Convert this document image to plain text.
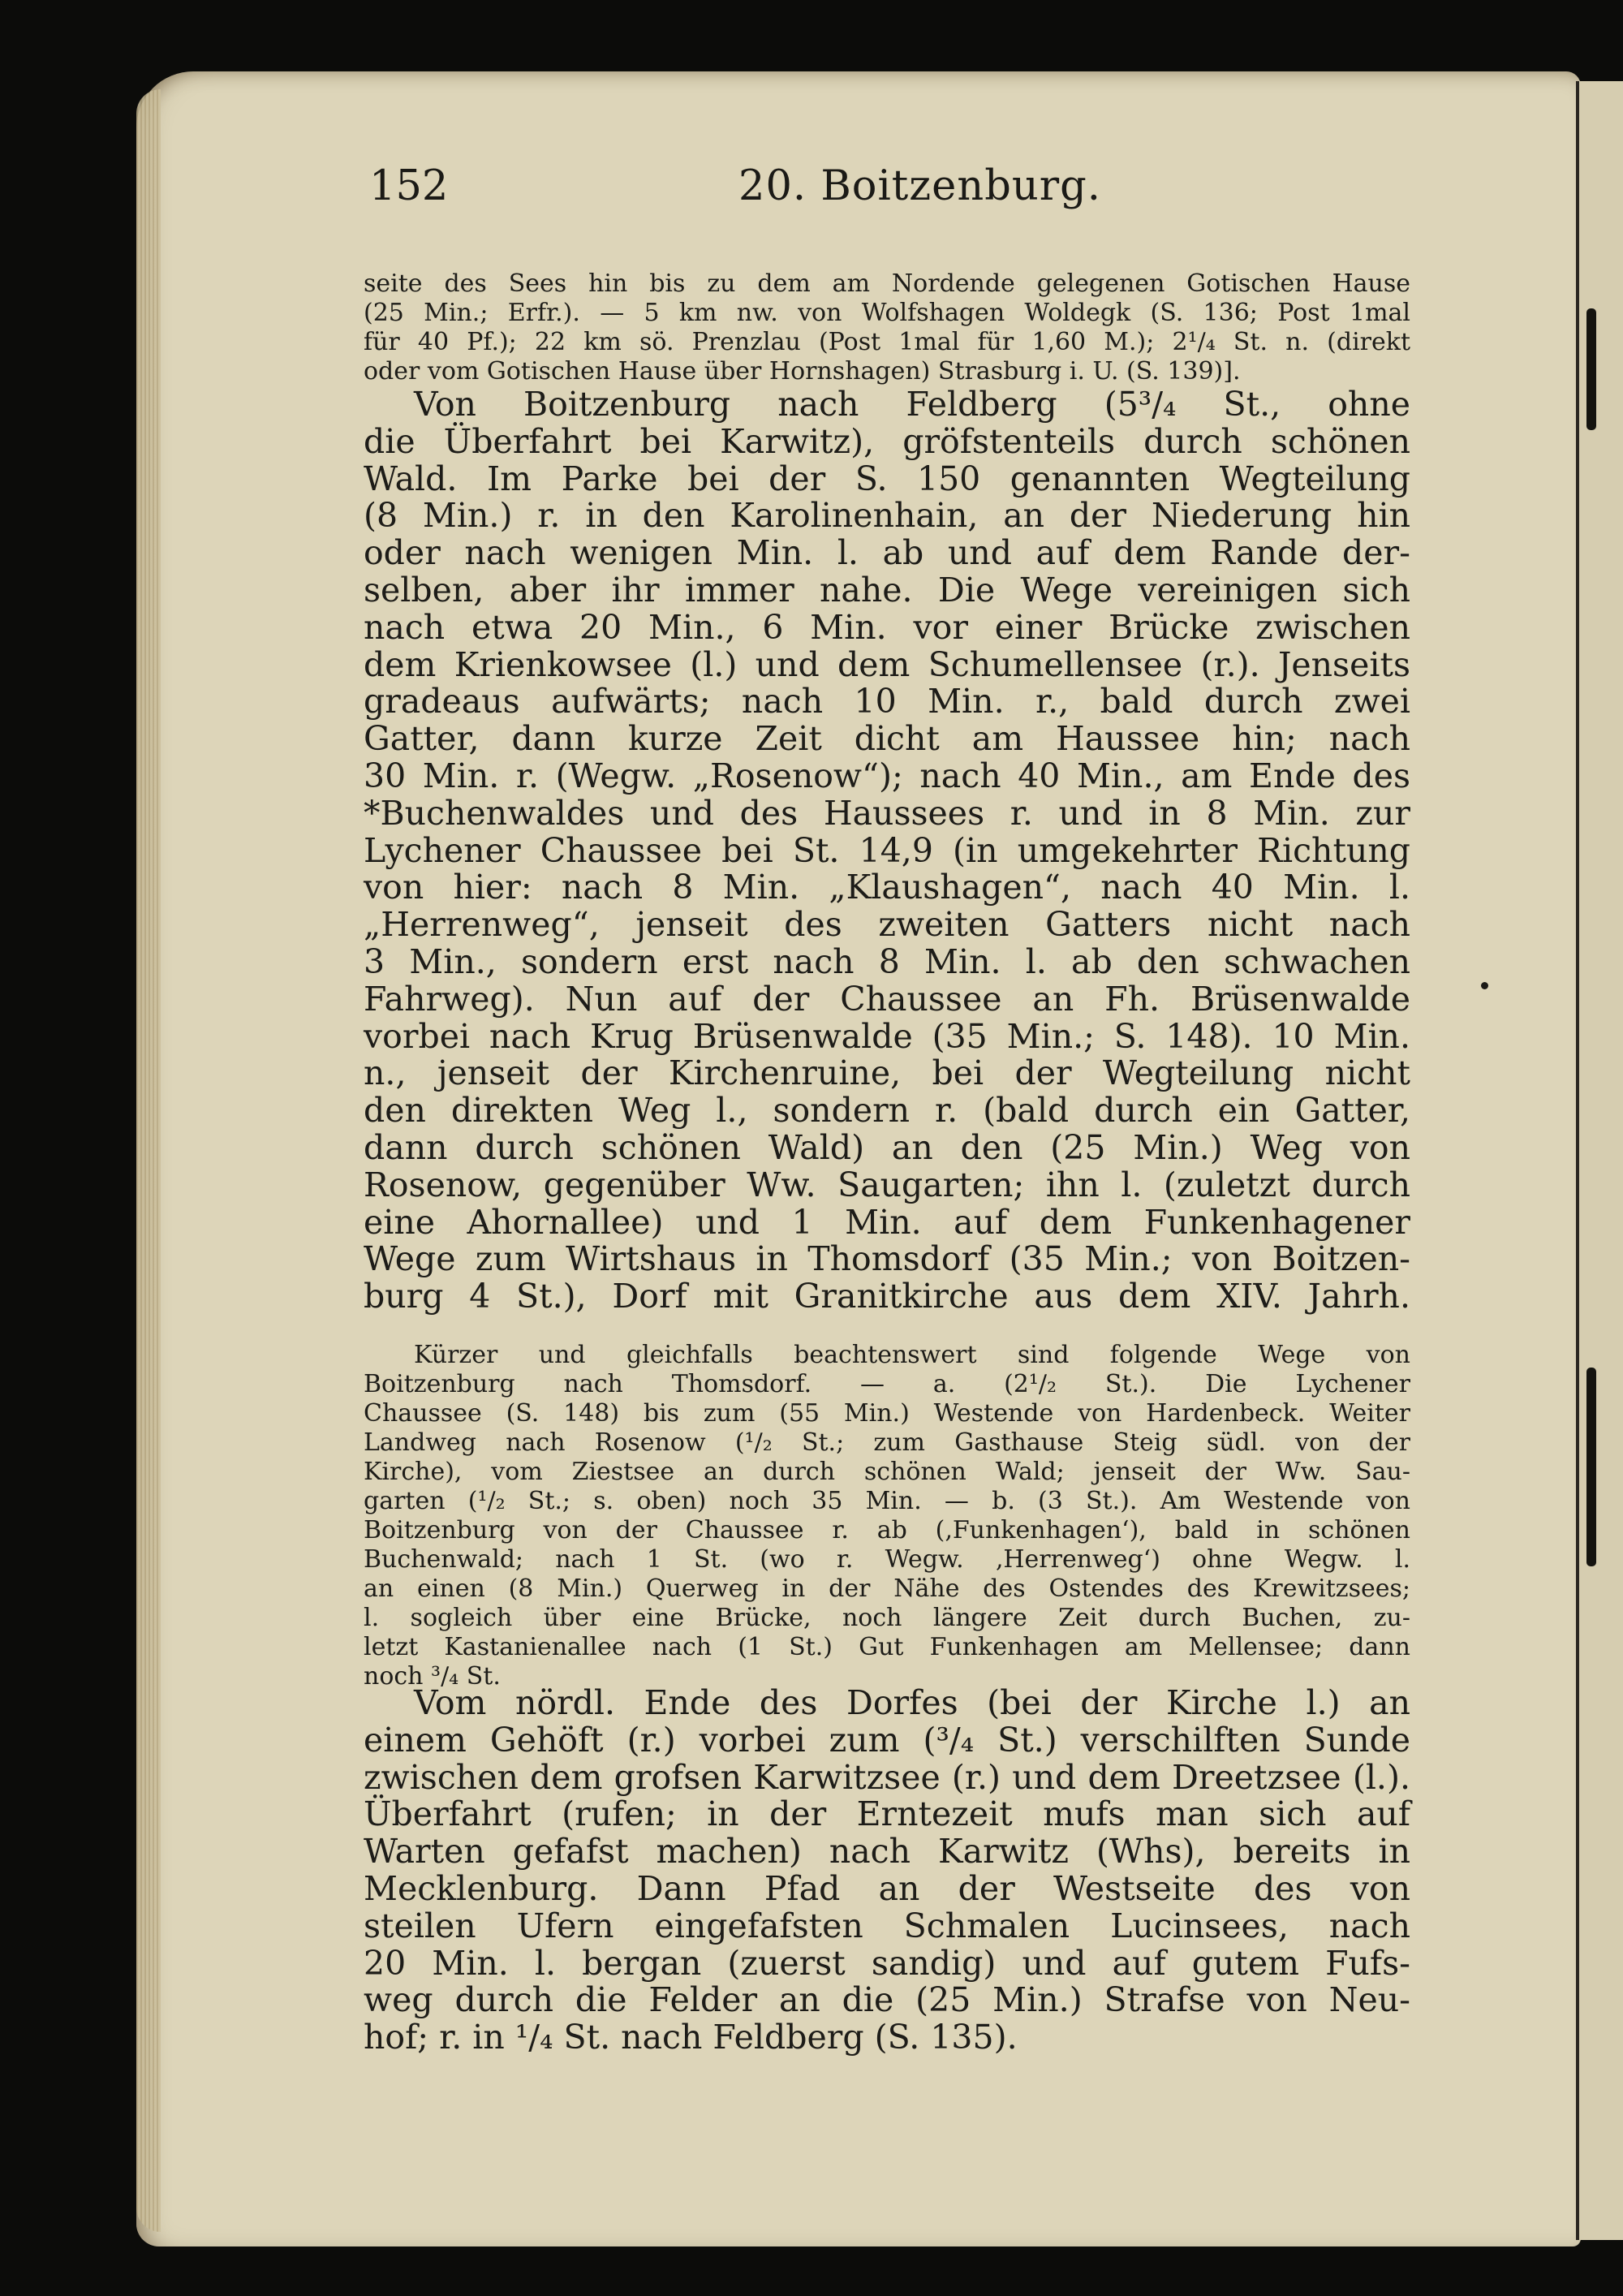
152	20. Boitzenburg.
seite des Sees hin bis zu dem am Nordende gelegenen Gotischen Hause
(25 Min.; Erfr.). — 5 km nw. von Wolfshagen Woldegk (S. 136; Post 1mal
für 40 Pf.); 22 km sö. Prenzlau (Post 1mal für 1,60 M.); 2¹/₄ St. n. (direkt
oder vom Gotischen Hause über Hornshagen) Strasburg i. U. (S. 139)].
Von Boitzenburg nach Feldberg (5³/₄ St., ohne
die Überfahrt bei Karwitz), gröfstenteils durch schönen
Wald. Im Parke bei der S. 150 genannten Wegteilung
(8 Min.) r. in den Karolinenhain, an der Niederung hin
oder nach wenigen Min. l. ab und auf dem Rande der-
selben, aber ihr immer nahe. Die Wege vereinigen sich
nach etwa 20 Min., 6 Min. vor einer Brücke zwischen
dem Krienkowsee (l.) und dem Schumellensee (r.). Jenseits
gradeaus aufwärts; nach 10 Min. r., bald durch zwei
Gatter, dann kurze Zeit dicht am Haussee hin; nach
30 Min. r. (Wegw. „Rosenow“); nach 40 Min., am Ende des
*Buchenwaldes und des Haussees r. und in 8 Min. zur
Lychener Chaussee bei St. 14,9 (in umgekehrter Richtung
von hier: nach 8 Min. „Klaushagen“, nach 40 Min. l.
„Herrenweg“, jenseit des zweiten Gatters nicht nach
3 Min., sondern erst nach 8 Min. l. ab den schwachen
Fahrweg). Nun auf der Chaussee an Fh. Brüsenwalde
vorbei nach Krug Brüsenwalde (35 Min.; S. 148). 10 Min.
n., jenseit der Kirchenruine, bei der Wegteilung nicht
den direkten Weg l., sondern r. (bald durch ein Gatter,
dann durch schönen Wald) an den (25 Min.) Weg von
Rosenow, gegenüber Ww. Saugarten; ihn l. (zuletzt durch
eine Ahornallee) und 1 Min. auf dem Funkenhagener
Wege zum Wirtshaus in Thomsdorf (35 Min.; von Boitzen-
burg 4 St.), Dorf mit Granitkirche aus dem XIV. Jahrh.
Kürzer und gleichfalls beachtenswert sind folgende Wege von
Boitzenburg nach Thomsdorf. — a. (2¹/₂ St.). Die Lychener
Chaussee (S. 148) bis zum (55 Min.) Westende von Hardenbeck. Weiter
Landweg nach Rosenow (¹/₂ St.; zum Gasthause Steig südl. von der
Kirche), vom Ziestsee an durch schönen Wald; jenseit der Ww. Sau-
garten (¹/₂ St.; s. oben) noch 35 Min. — b. (3 St.). Am Westende von
Boitzenburg von der Chaussee r. ab (‚Funkenhagen‘), bald in schönen
Buchenwald; nach 1 St. (wo r. Wegw. ‚Herrenweg‘) ohne Wegw. l.
an einen (8 Min.) Querweg in der Nähe des Ostendes des Krewitzsees;
l. sogleich über eine Brücke, noch längere Zeit durch Buchen, zu-
letzt Kastanienallee nach (1 St.) Gut Funkenhagen am Mellensee; dann
noch ³/₄ St.
Vom nördl. Ende des Dorfes (bei der Kirche l.) an
einem Gehöft (r.) vorbei zum (³/₄ St.) verschilften Sunde
zwischen dem grofsen Karwitzsee (r.) und dem Dreetzsee (l.).
Überfahrt (rufen; in der Erntezeit mufs man sich auf
Warten gefafst machen) nach Karwitz (Whs), bereits in
Mecklenburg. Dann Pfad an der Westseite des von
steilen Ufern eingefafsten Schmalen Lucinsees, nach
20 Min. l. bergan (zuerst sandig) und auf gutem Fufs-
weg durch die Felder an die (25 Min.) Strafse von Neu-
hof; r. in ¹/₄ St. nach Feldberg (S. 135).
